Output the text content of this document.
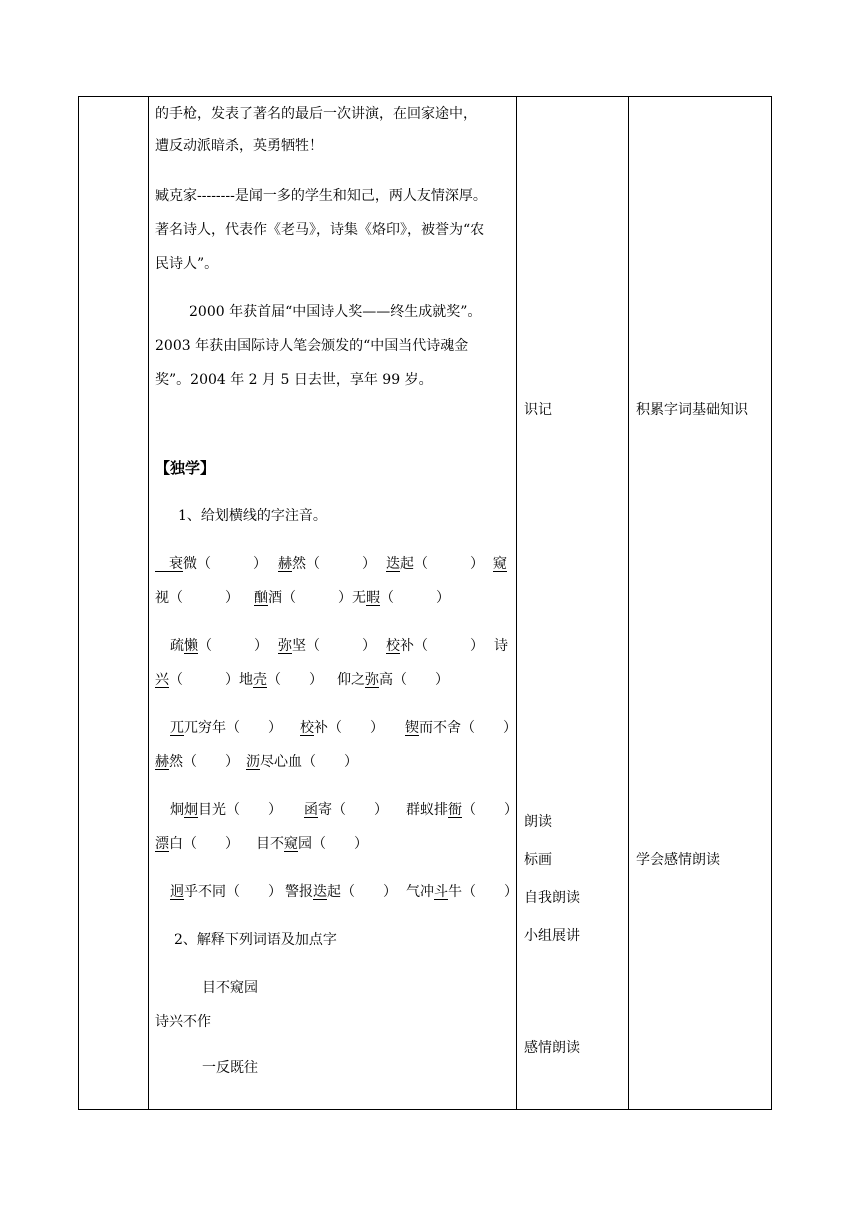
的手枪，发表了著名的最后一次讲演，在回家途中，
遭反动派暗杀，英勇牺牲！
臧克家--------是闻一多的学生和知己，两人友情深厚。
著名诗人，代表作《老马》，诗集《烙印》，被誉为“农
民诗人”。
2000 年获首届“中国诗人奖——终生成就奖”。
2003 年获由国际诗人笔会颁发的“中国当代诗魂金
奖”。2004 年 2 月 5 日去世，享年 99 岁。
【独学】
1、给划横线的字注音。
　衰微（　　　） 赫然（　　　） 迭起（　　　） 窥
视（　　　） 酗酒（　　　）无暇（　　　）
疏懒（　　　） 弥坚（　　　） 校补（　　　） 诗
兴（　　　）地壳（　　） 仰之弥高（　　）
兀兀穷年（　　） 校补（　　） 锲而不舍（　　）
赫然（　　） 沥尽心血（　　）
炯炯目光（　　） 函寄（　　） 群蚁排衙（　　）
漂白（　　） 目不窥园（　　）
迥乎不同（　　） 警报迭起（　　） 气冲斗牛（　　）
2、解释下列词语及加点字
目不窥园
诗兴不作
一反既往
识记
朗读
标画
自我朗读
小组展讲
感情朗读
积累字词基础知识
学会感情朗读
